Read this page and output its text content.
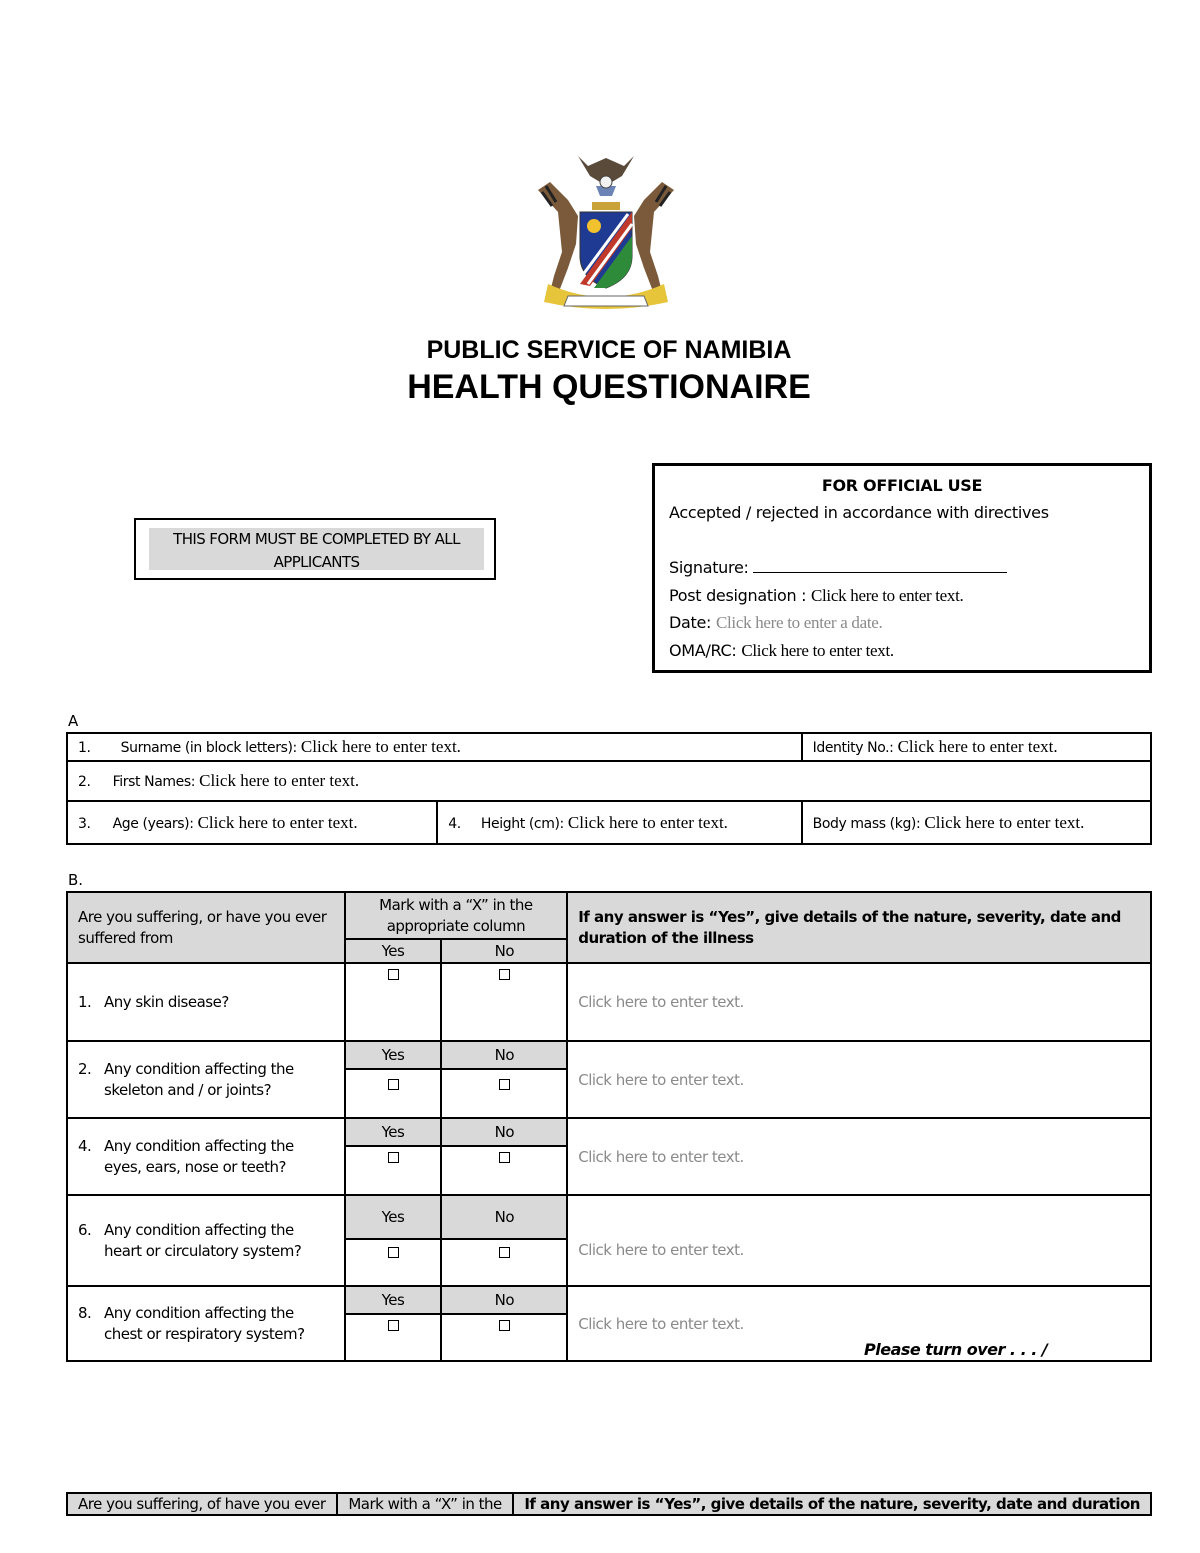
PUBLIC SERVICE OF NAMIBIA
HEALTH QUESTIONAIRE
THIS FORM MUST BE COMPLETED BY ALL APPLICANTS
FOR OFFICIAL USE
Accepted / rejected in accordance with directives
Signature:
Post designation : Click here to enter text.
Date: Click here to enter a date.
OMA/RC: Click here to enter text.
A
1. Surname (in block letters): Click here to enter text.		Identity No.: Click here to enter text.
2. First Names: Click here to enter text.		
3. Age (years): Click here to enter text.	4. Height (cm): Click here to enter text.	Body mass (kg): Click here to enter text.
B.
Are you suffering, or have you ever suffered from	Mark with a “X” in the appropriate column		If any answer is “Yes”, give details of the nature, severity, date and duration of the illness
	Yes	No	
1. Any skin disease?			Click here to enter text.

2. Any condition affecting the
skeleton and / or joints?	Yes	No	Click here to enter text.

4. Any condition affecting the
eyes, ears, nose or teeth?	Yes	No	Click here to enter text.

6. Any condition affecting the
heart or circulatory system?	Yes	No	Click here to enter text.

8. Any condition affecting the
chest or respiratory system?	Yes	No	Click here to enter text.

Please turn over . . . /
Are you suffering, of have you ever	Mark with a “X” in the	If any answer is “Yes”, give details of the nature, severity, date and duration
